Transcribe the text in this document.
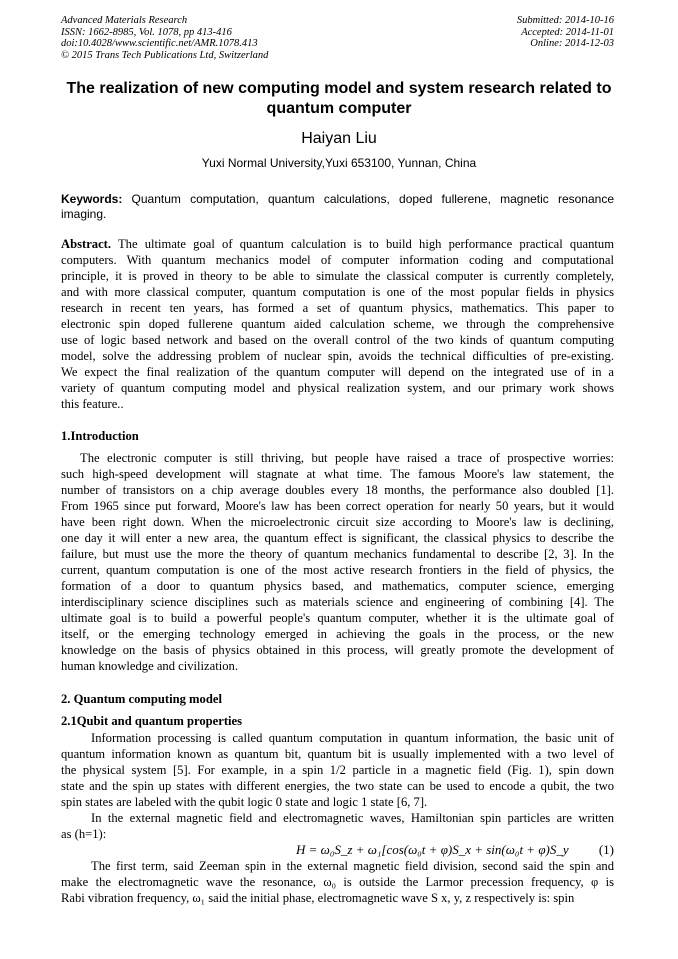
Advanced Materials Research
ISSN: 1662-8985, Vol. 1078, pp 413-416
doi:10.4028/www.scientific.net/AMR.1078.413
© 2015 Trans Tech Publications Ltd, Switzerland
Submitted: 2014-10-16
Accepted: 2014-11-01
Online: 2014-12-03
The realization of new computing model and system research related to quantum computer
Haiyan Liu
Yuxi Normal University,Yuxi 653100, Yunnan, China
Keywords: Quantum computation, quantum calculations, doped fullerene, magnetic resonance
imaging.
Abstract. The ultimate goal of quantum calculation is to build high performance practical quantum
computers. With quantum mechanics model of computer information coding and computational
principle, it is proved in theory to be able to simulate the classical computer is currently completely,
and with more classical computer, quantum computation is one of the most popular fields in physics
research in recent ten years, has formed a set of quantum physics, mathematics. This paper to
electronic spin doped fullerene quantum aided calculation scheme, we through the comprehensive
use of logic based network and based on the overall control of the two kinds of quantum computing
model, solve the addressing problem of nuclear spin, avoids the technical difficulties of pre-existing.
We expect the final realization of the quantum computer will depend on the integrated use of in a
variety of quantum computing model and physical realization system, and our primary work shows
this feature..
1.Introduction
The electronic computer is still thriving, but people have raised a trace of prospective worries:
such high-speed development will stagnate at what time. The famous Moore's law statement, the
number of transistors on a chip average doubles every 18 months, the performance also doubled [1].
From 1965 since put forward, Moore's law has been correct operation for nearly 50 years, but it would
have been right down. When the microelectronic circuit size according to Moore's law is declining,
one day it will enter a new area, the quantum effect is significant, the classical physics to describe the
failure, but must use the more the theory of quantum mechanics fundamental to describe [2, 3]. In the
current, quantum computation is one of the most active research frontiers in the field of physics, the
formation of a door to quantum physics based, and mathematics, computer science, emerging
interdisciplinary science disciplines such as materials science and engineering of combining [4]. The
ultimate goal is to build a powerful people's quantum computer, whether it is the ultimate goal of
itself, or the emerging technology emerged in achieving the goals in the process, or the new
knowledge on the basis of physics obtained in this process, will greatly promote the development of
human knowledge and civilization.
2. Quantum computing model
2.1Qubit and quantum properties
Information processing is called quantum computation in quantum information, the basic unit of
quantum information known as quantum bit, quantum bit is usually implemented with a two level of
the physical system [5]. For example, in a spin 1/2 particle in a magnetic field (Fig. 1), spin down
state and the spin up states with different energies, the two state can be used to encode a qubit, the two
spin states are labeled with the qubit logic 0 state and logic 1 state [6, 7].
In the external magnetic field and electromagnetic waves, Hamiltonian spin particles are written
as (h=1):
H = ω₀S_z + ω₁[cos(ω₀t + φ)S_x + sin(ω₀t + φ)S_y (1)
The first term, said Zeeman spin in the external magnetic field division, second said the spin and
make the electromagnetic wave the resonance, ω₀ is outside the Larmor precession frequency, φ is
Rabi vibration frequency, ω₁ said the initial phase, electromagnetic wave S x, y, z respectively is: spin
